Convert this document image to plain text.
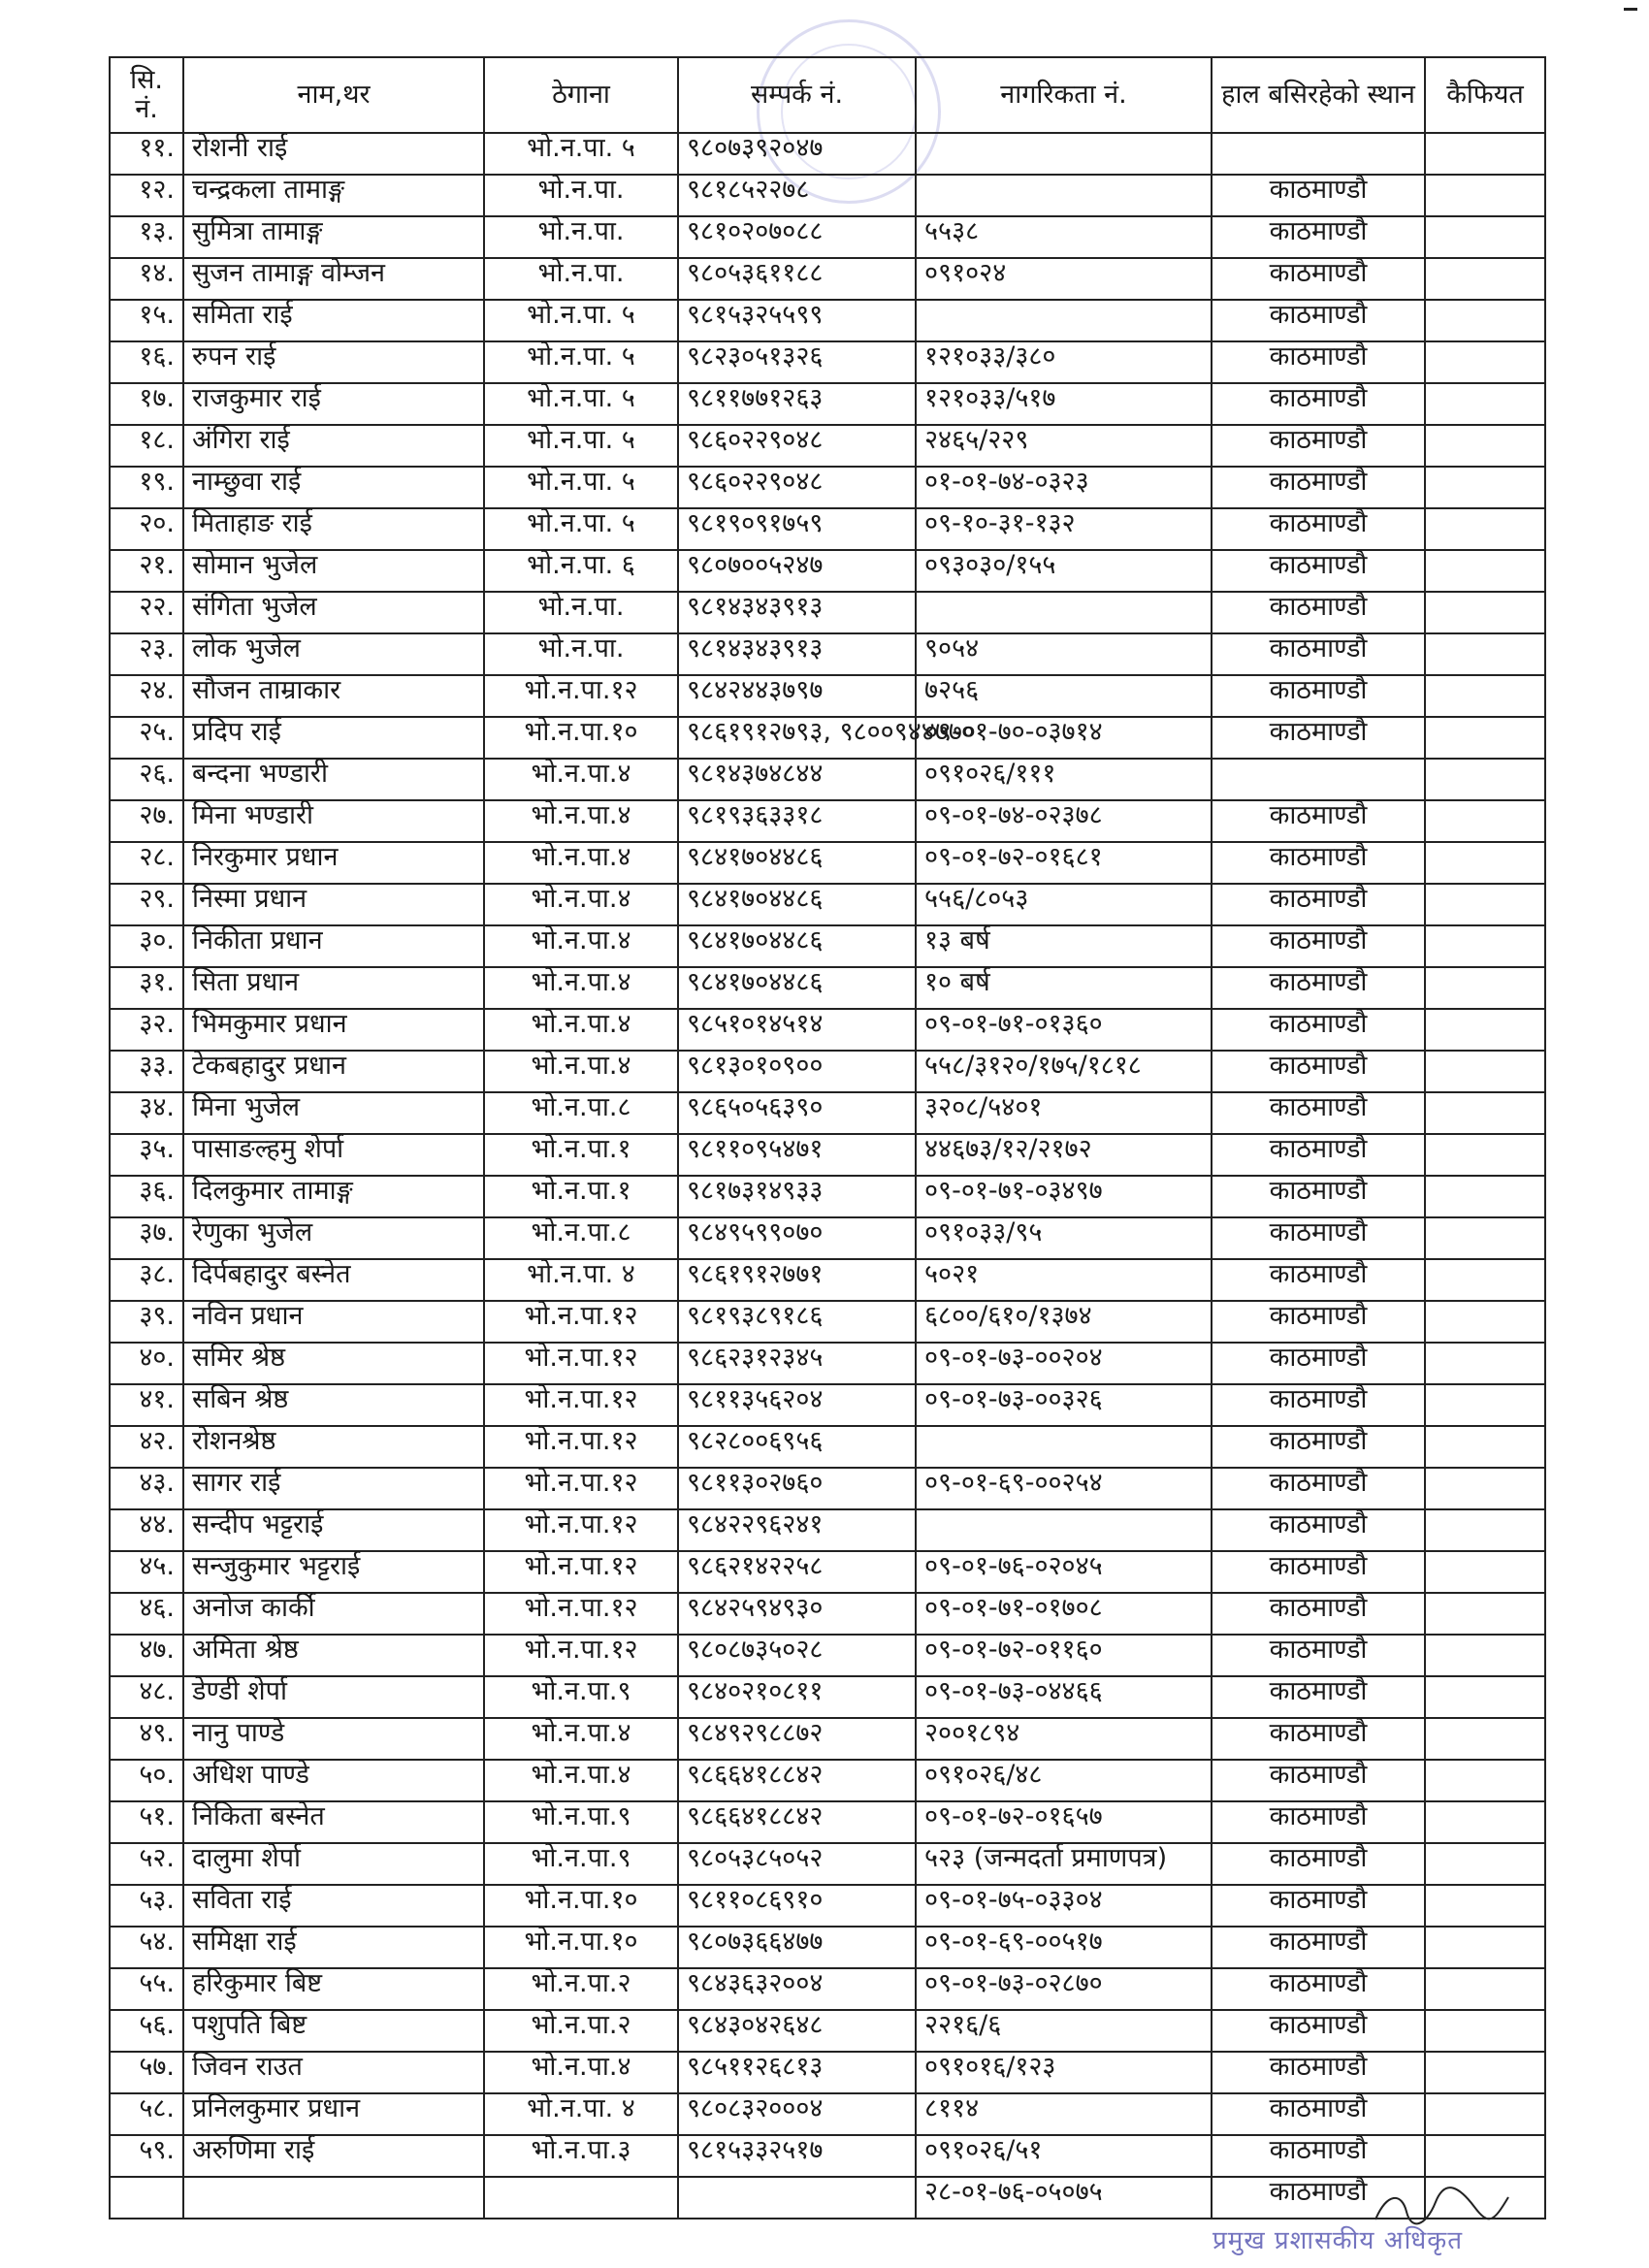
सि. नं.	नाम,थर	ठेगाना	सम्पर्क नं.	नागरिकता नं.	हाल बसिरहेको स्थान	कैफियत
११.	रोशनी राई	भो.न.पा. ५	९८०७३९२०४७			
१२.	चन्द्रकला तामाङ्ग	भो.न.पा.	९८१८५२२७८		काठमाण्डौ	
१३.	सुमित्रा तामाङ्ग	भो.न.पा.	९८१०२०७०८८	५५३८	काठमाण्डौ	
१४.	सुजन तामाङ्ग वोम्जन	भो.न.पा.	९८०५३६११८८	०९१०२४	काठमाण्डौ	
१५.	समिता राई	भो.न.पा. ५	९८१५३२५५९९		काठमाण्डौ	
१६.	रुपन राई	भो.न.पा. ५	९८२३०५१३२६	१२१०३३/३८०	काठमाण्डौ	
१७.	राजकुमार राई	भो.न.पा. ५	९८११७७१२६३	१२१०३३/५१७	काठमाण्डौ	
१८.	अंगिरा राई	भो.न.पा. ५	९८६०२२९०४८	२४६५/२२९	काठमाण्डौ	
१९.	नाम्छुवा राई	भो.न.पा. ५	९८६०२२९०४८	०१-०१-७४-०३२३	काठमाण्डौ	
२०.	मिताहाङ राई	भो.न.पा. ५	९८१९०९१७५९	०९-१०-३१-१३२	काठमाण्डौ	
२१.	सोमान भुजेल	भो.न.पा. ६	९८०७००५२४७	०९३०३०/१५५	काठमाण्डौ	
२२.	संगिता भुजेल	भो.न.पा.	९८१४३४३९१३		काठमाण्डौ	
२३.	लोक भुजेल	भो.न.पा.	९८१४३४३९१३	९०५४	काठमाण्डौ	
२४.	सौजन ताम्राकार	भो.न.पा.१२	९८४२४४३७९७	७२५६	काठमाण्डौ	
२५.	प्रदिप राई	भो.न.पा.१०	९८६१९१२७९३, ९८००९४४७७०	०९-०१-७०-०३७१४	काठमाण्डौ	
२६.	बन्दना भण्डारी	भो.न.पा.४	९८१४३७४८४४	०९१०२६/१११		
२७.	मिना भण्डारी	भो.न.पा.४	९८१९३६३३१८	०९-०१-७४-०२३७८	काठमाण्डौ	
२८.	निरकुमार प्रधान	भो.न.पा.४	९८४१७०४४८६	०९-०१-७२-०१६८१	काठमाण्डौ	
२९.	निस्मा प्रधान	भो.न.पा.४	९८४१७०४४८६	५५६/८०५३	काठमाण्डौ	
३०.	निकीता प्रधान	भो.न.पा.४	९८४१७०४४८६	१३ बर्ष	काठमाण्डौ	
३१.	सिता प्रधान	भो.न.पा.४	९८४१७०४४८६	१० बर्ष	काठमाण्डौ	
३२.	भिमकुमार प्रधान	भो.न.पा.४	९८५१०१४५१४	०९-०१-७१-०१३६०	काठमाण्डौ	
३३.	टेकबहादुर प्रधान	भो.न.पा.४	९८१३०१०९००	५५८/३१२०/१७५/१८१८	काठमाण्डौ	
३४.	मिना भुजेल	भो.न.पा.८	९८६५०५६३९०	३२०८/५४०१	काठमाण्डौ	
३५.	पासाङल्हमु शेर्पा	भो.न.पा.१	९८११०९५४७१	४४६७३/१२/२१७२	काठमाण्डौ	
३६.	दिलकुमार तामाङ्ग	भो.न.पा.१	९८१७३१४९३३	०९-०१-७१-०३४९७	काठमाण्डौ	
३७.	रेणुका भुजेल	भो.न.पा.८	९८४९५९९०७०	०९१०३३/९५	काठमाण्डौ	
३८.	दिर्पबहादुर बस्नेत	भो.न.पा. ४	९८६१९१२७७१	५०२१	काठमाण्डौ	
३९.	नविन प्रधान	भो.न.पा.१२	९८१९३८९१८६	६८००/६१०/१३७४	काठमाण्डौ	
४०.	समिर श्रेष्ठ	भो.न.पा.१२	९८६२३१२३४५	०९-०१-७३-००२०४	काठमाण्डौ	
४१.	सबिन श्रेष्ठ	भो.न.पा.१२	९८११३५६२०४	०९-०१-७३-००३२६	काठमाण्डौ	
४२.	रोशनश्रेष्ठ	भो.न.पा.१२	९८२८००६९५६		काठमाण्डौ	
४३.	सागर राई	भो.न.पा.१२	९८११३०२७६०	०९-०१-६९-००२५४	काठमाण्डौ	
४४.	सन्दीप भट्टराई	भो.न.पा.१२	९८४२२९६२४१		काठमाण्डौ	
४५.	सन्जुकुमार भट्टराई	भो.न.पा.१२	९८६२१४२२५८	०९-०१-७६-०२०४५	काठमाण्डौ	
४६.	अनोज कार्की	भो.न.पा.१२	९८४२५९४९३०	०९-०१-७१-०१७०८	काठमाण्डौ	
४७.	अमिता श्रेष्ठ	भो.न.पा.१२	९८०८७३५०२८	०९-०१-७२-०११६०	काठमाण्डौ	
४८.	डेण्डी शेर्पा	भो.न.पा.९	९८४०२१०८११	०९-०१-७३-०४४६६	काठमाण्डौ	
४९.	नानु पाण्डे	भो.न.पा.४	९८४९२९८८७२	२००१८९४	काठमाण्डौ	
५०.	अधिश पाण्डे	भो.न.पा.४	९८६६४१८८४२	०९१०२६/४८	काठमाण्डौ	
५१.	निकिता बस्नेत	भो.न.पा.९	९८६६४१८८४२	०९-०१-७२-०१६५७	काठमाण्डौ	
५२.	दालुमा शेर्पा	भो.न.पा.९	९८०५३८५०५२	५२३ (जन्मदर्ता प्रमाणपत्र)	काठमाण्डौ	
५३.	सविता राई	भो.न.पा.१०	९८११०८६९१०	०९-०१-७५-०३३०४	काठमाण्डौ	
५४.	समिक्षा राई	भो.न.पा.१०	९८०७३६६४७७	०९-०१-६९-००५१७	काठमाण्डौ	
५५.	हरिकुमार बिष्ट	भो.न.पा.२	९८४३६३२००४	०९-०१-७३-०२८७०	काठमाण्डौ	
५६.	पशुपति बिष्ट	भो.न.पा.२	९८४३०४२६४८	२२१६/६	काठमाण्डौ	
५७.	जिवन राउत	भो.न.पा.४	९८५११२६८१३	०९१०१६/१२३	काठमाण्डौ	
५८.	प्रनिलकुमार प्रधान	भो.न.पा. ४	९८०८३२०००४	८११४	काठमाण्डौ	
५९.	अरुणिमा राई	भो.न.पा.३	९८१५३३२५१७	०९१०२६/५१	काठमाण्डौ	
				२८-०१-७६-०५०७५	काठमाण्डौ	
प्रमुख प्रशासकीय अधिकृत
